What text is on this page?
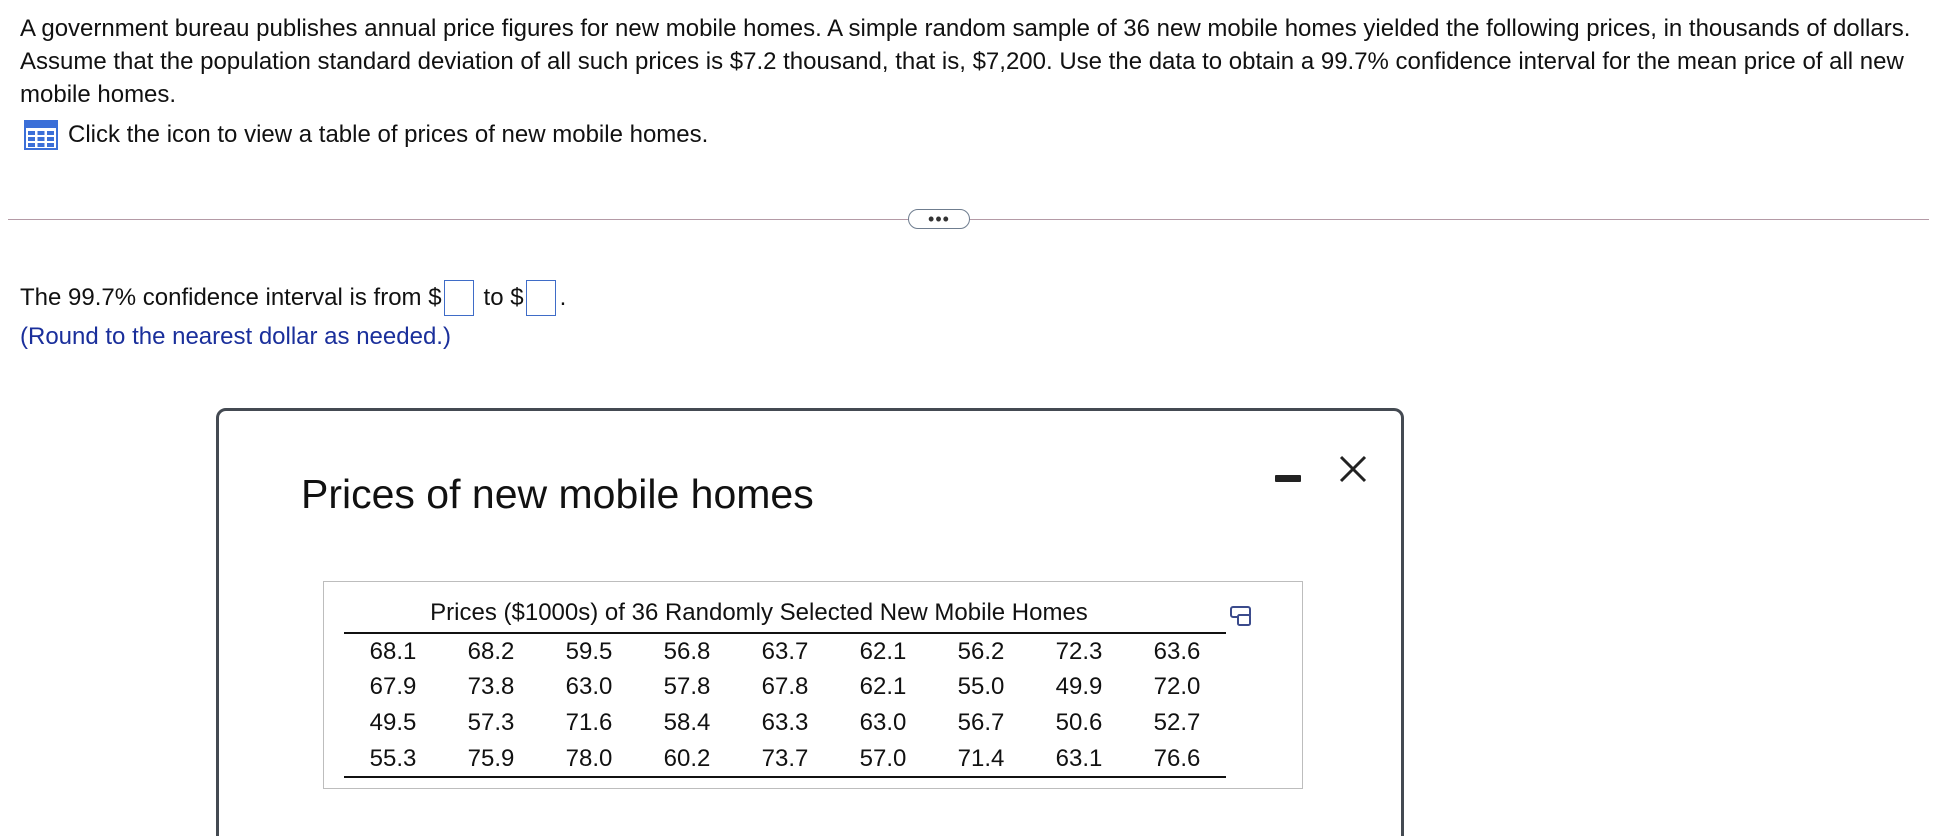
A government bureau publishes annual price figures for new mobile homes. A simple random sample of 36 new mobile homes yielded the following prices, in thousands of dollars. Assume that the population standard deviation of all such prices is $7.2 thousand, that is, $7,200. Use the data to obtain a 99.7% confidence interval for the mean price of all new mobile homes.

Click the icon to view a table of prices of new mobile homes.
•••
The 99.7% confidence interval is from $ to $ .
(Round to the nearest dollar as needed.)
Prices of new mobile homes
Prices ($1000s) of 36 Randomly Selected New Mobile Homes
68.1	68.2	59.5	56.8	63.7	62.1	56.2	72.3	63.6
67.9	73.8	63.0	57.8	67.8	62.1	55.0	49.9	72.0
49.5	57.3	71.6	58.4	63.3	63.0	56.7	50.6	52.7
55.3	75.9	78.0	60.2	73.7	57.0	71.4	63.1	76.6
